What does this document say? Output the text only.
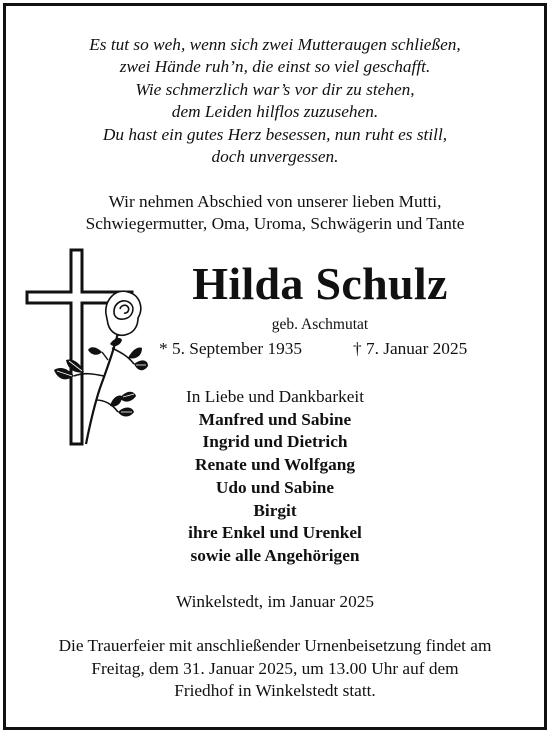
Es tut so weh, wenn sich zwei Mutteraugen schließen,
zwei Hände ruh’n, die einst so viel geschafft.
Wie schmerzlich war’s vor dir zu stehen,
dem Leiden hilflos zuzusehen.
Du hast ein gutes Herz besessen, nun ruht es still,
doch unvergessen.
Wir nehmen Abschied von unserer lieben Mutti,
Schwiegermutter, Oma, Uroma, Schwägerin und Tante
Hilda Schulz
geb. Aschmutat
* 5. September 1935	† 7. Januar 2025
In Liebe und Dankbarkeit
Manfred und Sabine
Ingrid und Dietrich
Renate und Wolfgang
Udo und Sabine
Birgit
ihre Enkel und Urenkel
sowie alle Angehörigen
Winkelstedt, im Januar 2025
Die Trauerfeier mit anschließender Urnenbeisetzung findet am
Freitag, dem 31. Januar 2025, um 13.00 Uhr auf dem
Friedhof in Winkelstedt statt.
